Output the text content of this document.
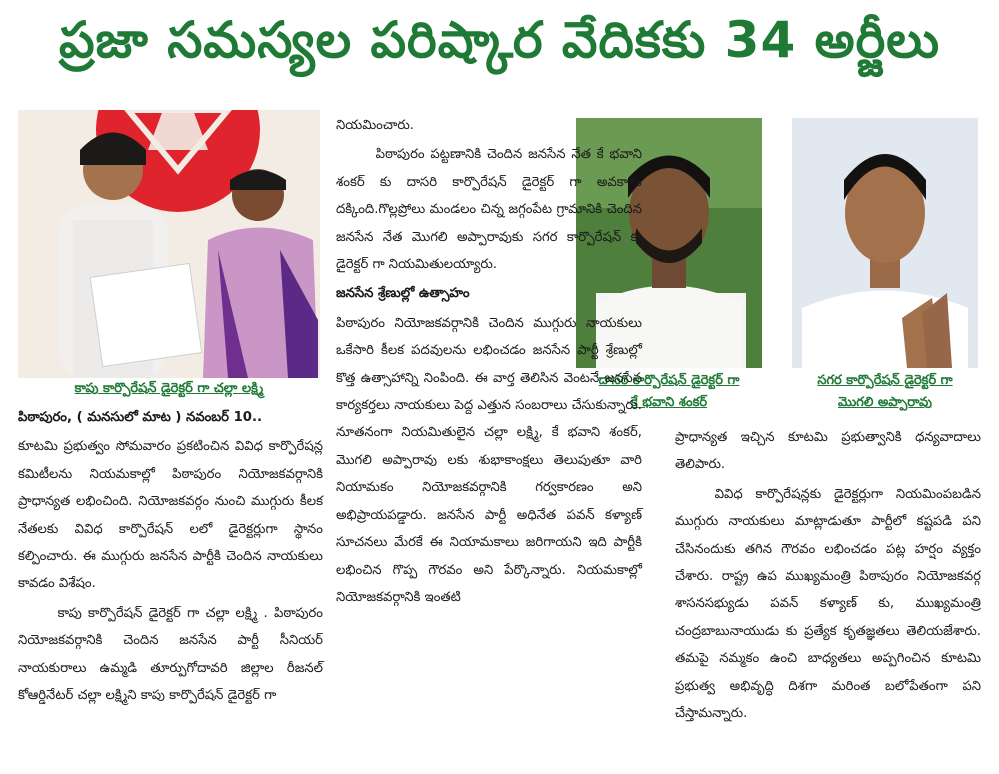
ప్రజా సమస్యల పరిష్కార వేదికకు 34 అర్జీలు
కాపు కార్పొరేషన్ డైరెక్టర్ గా చల్లా లక్ష్మి
దాసరి కార్పొరేషన్ డైరెక్టర్ గా
కే భవాని శంకర్
సగర కార్పొరేషన్ డైరెక్టర్ గా
మొగలి అప్పారావు

పిఠాపురం, ( మనసులో మాట ) నవంబర్ 10..

కూటమి ప్రభుత్వం సోమవారం ప్రకటించిన వివిధ కార్పొరేషన్ల కమిటీలను నియమకాల్లో పిఠాపురం నియోజకవర్గానికి ప్రాధాన్యత లభించింది. నియోజకవర్గం నుంచి ముగ్గురు కీలక నేతలకు వివిధ కార్పొరేషన్ లలో డైరెక్టర్లుగా స్థానం కల్పించారు. ఈ ముగ్గురు జనసేన పార్టీకి చెందిన నాయకులు కావడం విశేషం.

కాపు కార్పొరేషన్ డైరెక్టర్ గా చల్లా లక్ష్మి . పిఠాపురం నియోజకవర్గానికి చెందిన జనసేన పార్టీ సీనియర్ నాయకురాలు ఉమ్మడి తూర్పుగోదావరి జిల్లాల రీజనల్ కోఆర్డినేటర్ చల్లా లక్ష్మిని కాపు కార్పొరేషన్ డైరెక్టర్ గా

నియమించారు.

పిఠాపురం పట్టణానికి చెందిన జనసేన నేత కే భవాని శంకర్ కు దాసరి కార్పొరేషన్ డైరెక్టర్ గా అవకాశం దక్కింది.గొల్లప్రోలు మండలం చిన్న జగ్గంపేట గ్రామానికి చెందిన జనసేన నేత మొగలి అప్పారావుకు సగర కార్పొరేషన్ కు డైరెక్టర్ గా నియమితులయ్యారు.

జనసేన శ్రేణుల్లో ఉత్సాహం

పిఠాపురం నియోజకవర్గానికి చెందిన ముగ్గురు నాయకులు ఒకేసారి కీలక పదవులను లభించడం జనసేన పార్టీ శ్రేణుల్లో కొత్త ఉత్సాహాన్ని నింపింది. ఈ వార్త తెలిసిన వెంటనే జనసేన కార్యకర్తలు నాయకులు పెద్ద ఎత్తున సంబరాలు చేసుకున్నారు. నూతనంగా నియమితులైన చల్లా లక్ష్మి, కే భవాని శంకర్, మొగలి అప్పారావు లకు శుభాకాంక్షలు తెలుపుతూ వారి నియామకం నియోజకవర్గానికి గర్వకారణం అని అభిప్రాయపడ్డారు. జనసేన పార్టీ అధినేత పవన్ కళ్యాణ్ సూచనలు మేరకే ఈ నియామకాలు జరిగాయని ఇది పార్టీకి లభించిన గొప్ప గౌరవం అని పేర్కొన్నారు. నియమకాల్లో నియోజకవర్గానికి ఇంతటి

ప్రాధాన్యత ఇచ్చిన కూటమి ప్రభుత్వానికి ధన్యవాదాలు తెలిపారు.

వివిధ కార్పొరేషన్లకు డైరెక్టర్లుగా నియమింపబడిన ముగ్గురు నాయకులు మాట్లాడుతూ పార్టీలో కష్టపడి పని చేసినందుకు తగిన గౌరవం లభించడం పట్ల హర్షం వ్యక్తం చేశారు. రాష్ట్ర ఉప ముఖ్యమంత్రి పిఠాపురం నియోజకవర్గ శాసనసభ్యుడు పవన్ కళ్యాణ్ కు, ముఖ్యమంత్రి చంద్రబాబునాయుడు కు ప్రత్యేక కృతజ్ఞతలు తెలియజేశారు. తమపై నమ్మకం ఉంచి బాధ్యతలు అప్పగించిన కూటమి ప్రభుత్వ అభివృద్ధి దిశగా మరింత బలోపేతంగా పని చేస్తామన్నారు.
